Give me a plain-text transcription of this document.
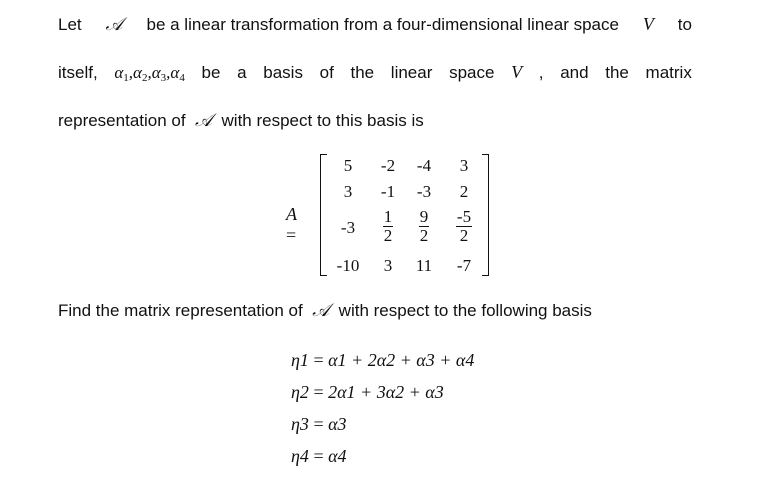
Let 𝒜 be a linear transformation from a four-dimensional linear space V to
itself, $\alpha_1,\alpha_2,\alpha_3,\alpha_4$ be a basis of the linear space V , and the matrix
representation of 𝒜 with respect to this basis is
A =
5	-2	-4	3
3	-1	-3	2
-3	$\frac{1}{2} \frac{9}{2} \frac{-5}{2}$
-10	3	11	-7
Find the matrix representation of 𝒜 with respect to the following basis
η1 = α1 + 2α2 + α3 + α4
η2 = 2α1 + 3α2 + α3
η3 = α3
η4 = α4
